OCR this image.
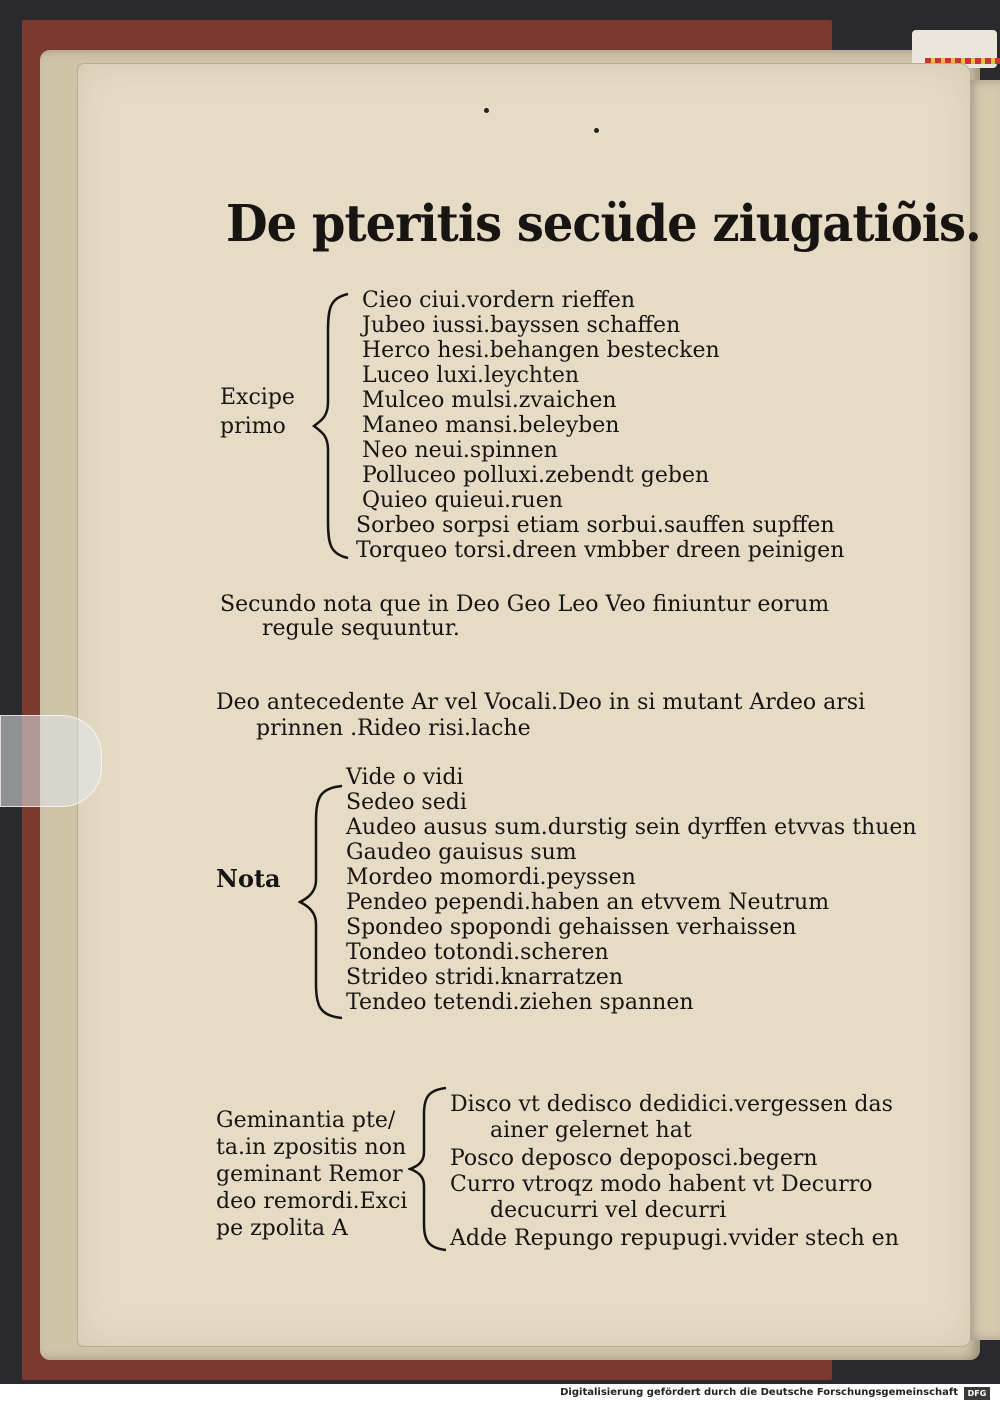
De pteritis secüde ziugatiõis.
Excipe
primo
Cieo ciui.vordern rieffen
Jubeo iussi.bayssen schaffen
Herco hesi.behangen bestecken
Luceo luxi.leychten
Mulceo mulsi.zvaichen
Maneo mansi.beleyben
Neo neui.spinnen
Polluceo polluxi.zebendt geben
Quieo quieui.ruen
Sorbeo sorpsi etiam sorbui.sauffen supffen
Torqueo torsi.dreen vmbber dreen peinigen
Secundo nota que in Deo Geo Leo Veo finiuntur eorum
regule sequuntur.
Deo antecedente Ar vel Vocali.Deo in si mutant Ardeo arsi
prinnen .Rideo risi.lache
Nota
Vide o vidi
Sedeo sedi
Audeo ausus sum.durstig sein dyrffen etvvas thuen
Gaudeo gauisus sum
Mordeo momordi.peyssen
Pendeo pependi.haben an etvvem Neutrum
Spondeo spopondi gehaissen verhaissen
Tondeo totondi.scheren
Strideo stridi.knarratzen
Tendeo tetendi.ziehen spannen
Geminantia pte/
ta.in zpositis non
geminant Remor
deo remordi.Exci
pe zpolita A
Disco vt dedisco dedidici.vergessen das
ainer gelernet hat
Posco deposco depoposci.begern
Curro vtroqz modo habent vt Decurro
decucurri vel decurri
Adde Repungo repupugi.vvider stech en
Digitalisierung gefördert durch die Deutsche Forschungsgemeinschaft	DFG
